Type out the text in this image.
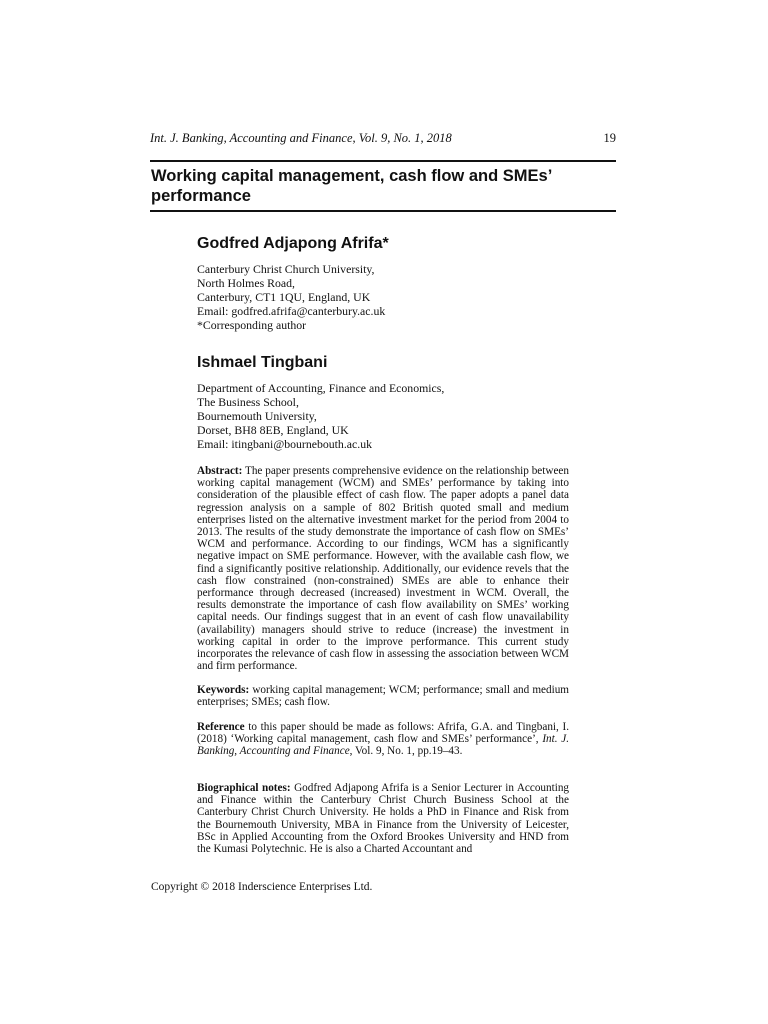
Int. J. Banking, Accounting and Finance, Vol. 9, No. 1, 2018	19
Working capital management, cash flow and SMEs’ performance
Godfred Adjapong Afrifa*
Canterbury Christ Church University,
North Holmes Road,
Canterbury, CT1 1QU, England, UK
Email: godfred.afrifa@canterbury.ac.uk
*Corresponding author
Ishmael Tingbani
Department of Accounting, Finance and Economics,
The Business School,
Bournemouth University,
Dorset, BH8 8EB, England, UK
Email: itingbani@bournebouth.ac.uk

Abstract: The paper presents comprehensive evidence on the relationship between working capital management (WCM) and SMEs’ performance by taking into consideration of the plausible effect of cash flow. The paper adopts a panel data regression analysis on a sample of 802 British quoted small and medium enterprises listed on the alternative investment market for the period from 2004 to 2013. The results of the study demonstrate the importance of cash flow on SMEs’ WCM and performance. According to our findings, WCM has a significantly negative impact on SME performance. However, with the available cash flow, we find a significantly positive relationship. Additionally, our evidence revels that the cash flow constrained (non-constrained) SMEs are able to enhance their performance through decreased (increased) investment in WCM. Overall, the results demonstrate the importance of cash flow availability on SMEs’ working capital needs. Our findings suggest that in an event of cash flow unavailability (availability) managers should strive to reduce (increase) the investment in working capital in order to the improve performance. This current study incorporates the relevance of cash flow in assessing the association between WCM and firm performance.

Keywords: working capital management; WCM; performance; small and medium enterprises; SMEs; cash flow.

Reference to this paper should be made as follows: Afrifa, G.A. and Tingbani, I. (2018) ‘Working capital management, cash flow and SMEs’ performance’, Int. J. Banking, Accounting and Finance, Vol. 9, No. 1, pp.19–43.

Biographical notes: Godfred Adjapong Afrifa is a Senior Lecturer in Accounting and Finance within the Canterbury Christ Church Business School at the Canterbury Christ Church University. He holds a PhD in Finance and Risk from the Bournemouth University, MBA in Finance from the University of Leicester, BSc in Applied Accounting from the Oxford Brookes University and HND from the Kumasi Polytechnic. He is also a Charted Accountant and

Copyright © 2018 Inderscience Enterprises Ltd.
